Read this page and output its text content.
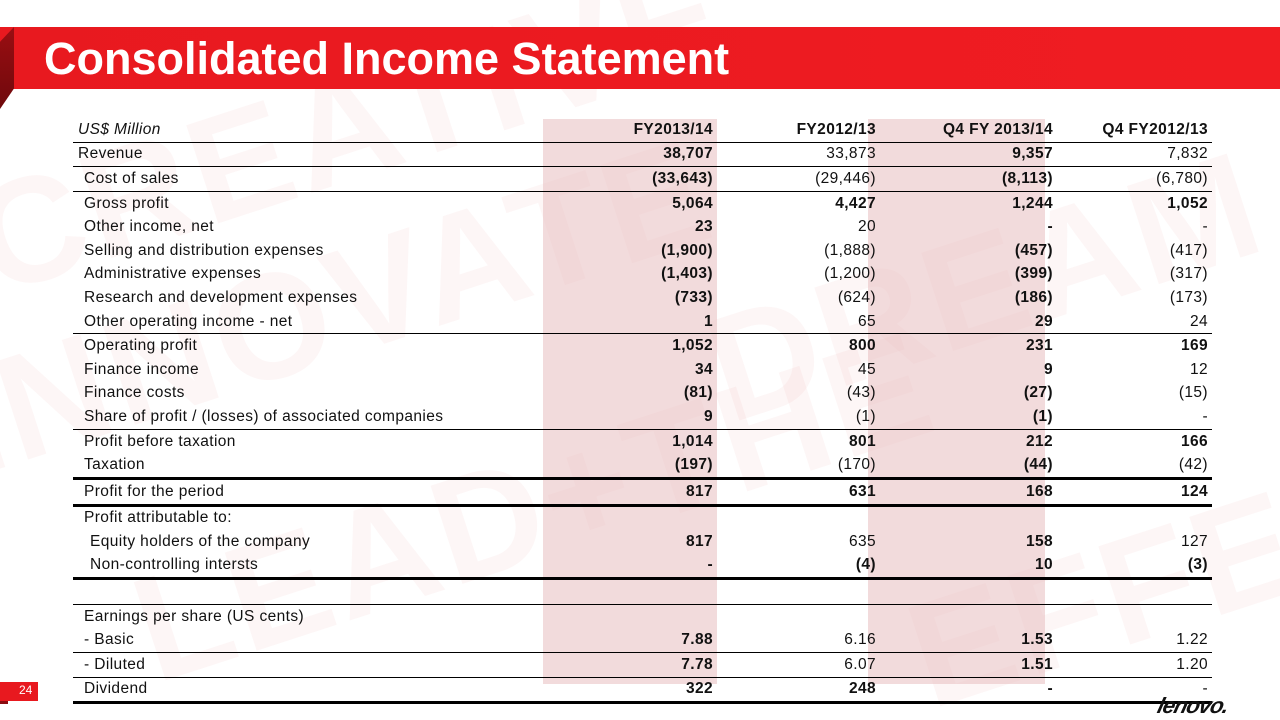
Consolidated Income Statement
US$ Million	FY2013/14	FY2012/13	Q4 FY 2013/14	Q4 FY2012/13
Revenue	38,707	33,873	9,357	7,832
Cost of sales	(33,643)	(29,446)	(8,113)	(6,780)
Gross profit	5,064	4,427	1,244	1,052
Other income, net	23	20	-	-
Selling and distribution expenses	(1,900)	(1,888)	(457)	(417)
Administrative expenses	(1,403)	(1,200)	(399)	(317)
Research and development expenses	(733)	(624)	(186)	(173)
Other operating income - net	1	65	29	24
Operating profit	1,052	800	231	169
Finance income	34	45	9	12
Finance costs	(81)	(43)	(27)	(15)
Share of profit / (losses) of associated companies	9	(1)	(1)	-
Profit before taxation	1,014	801	212	166
Taxation	(197)	(170)	(44)	(42)
Profit for the period	817	631	168	124
Profit attributable to:				
Equity holders of the company	817	635	158	127
Non-controlling intersts	-	(4)	10	(3)

Earnings per share (US cents)				
- Basic	7.88	6.16	1.53	1.22
- Diluted	7.78	6.07	1.51	1.20
Dividend	322	248	-	-
24
lenovo.
